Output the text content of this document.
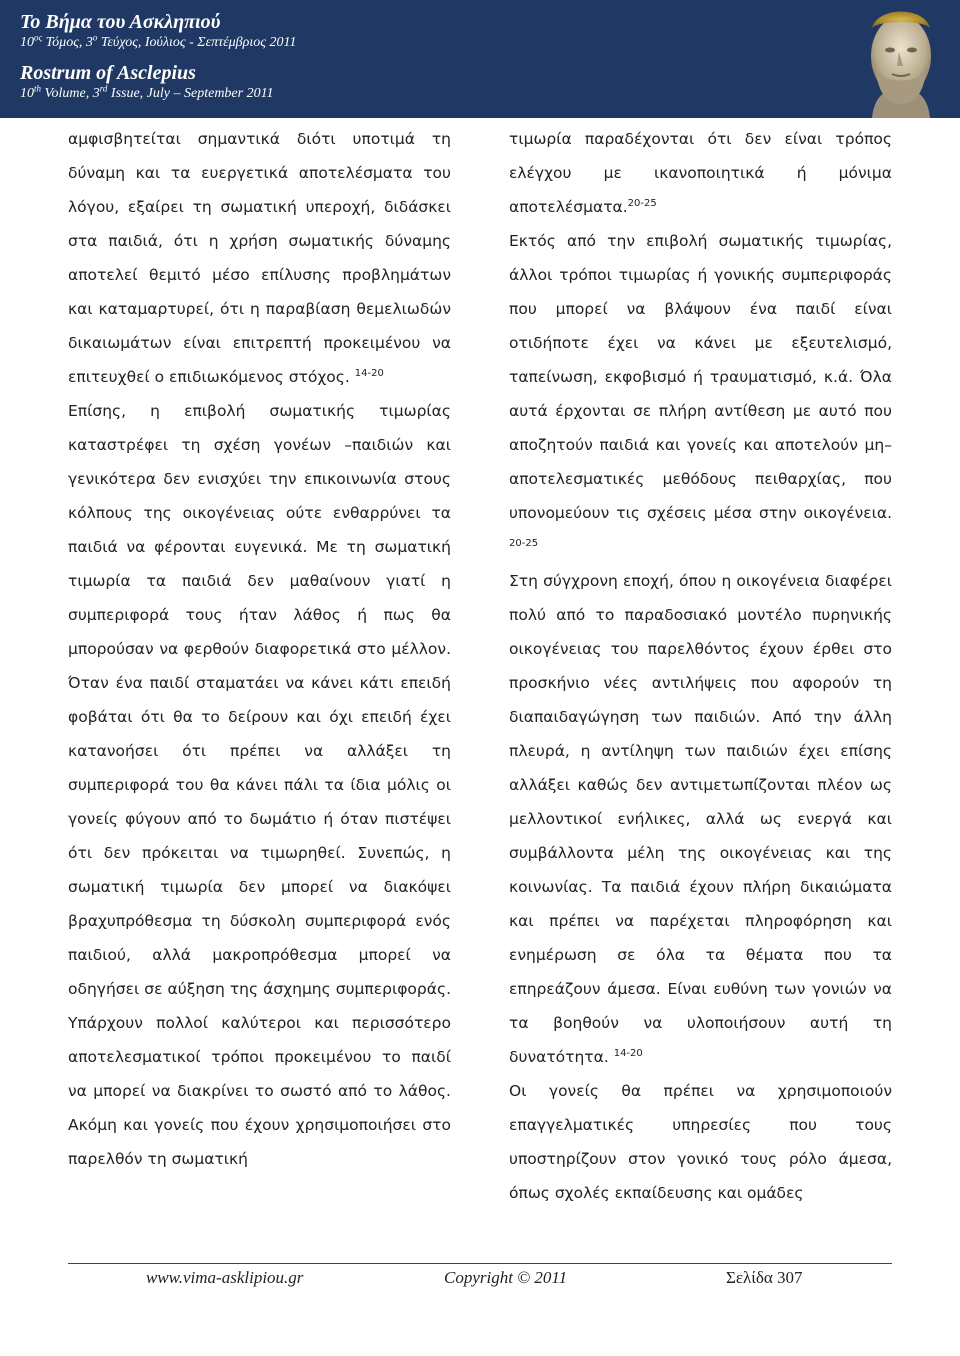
Το Βήμα του Ασκληπιού
$10^{o\varsigma}$ Τόμος, $3^o$ Τεύχος, Ιούλιος - Σεπτέμβριος 2011
Rostrum of Asclepius
10th Volume, 3rd Issue, July – September 2011

αμφισβητείται σημαντικά διότι υποτιμά τη δύναμη και τα ευεργετικά αποτελέσματα του λόγου, εξαίρει τη σωματική υπεροχή, διδάσκει στα παιδιά, ότι η χρήση σωματικής δύναμης αποτελεί θεμιτό μέσο επίλυσης προβλημάτων και καταμαρτυρεί, ότι η παραβίαση θεμελιωδών δικαιωμάτων είναι επιτρεπτή προκειμένου να επιτευχθεί ο επιδιωκόμενος στόχος. $^{14-20}$

Επίσης, η επιβολή σωματικής τιμωρίας καταστρέφει τη σχέση γονέων –παιδιών και γενικότερα δεν ενισχύει την επικοινωνία στους κόλπους της οικογένειας ούτε ενθαρρύνει τα παιδιά να φέρονται ευγενικά. Με τη σωματική τιμωρία τα παιδιά δεν μαθαίνουν γιατί η συμπεριφορά τους ήταν λάθος ή πως θα μπορούσαν να φερθούν διαφορετικά στο μέλλον. Όταν ένα παιδί σταματάει να κάνει κάτι επειδή φοβάται ότι θα το δείρουν και όχι επειδή έχει κατανοήσει ότι πρέπει να αλλάξει τη συμπεριφορά του θα κάνει πάλι τα ίδια μόλις οι γονείς φύγουν από το δωμάτιο ή όταν πιστέψει ότι δεν πρόκειται να τιμωρηθεί. Συνεπώς, η σωματική τιμωρία δεν μπορεί να διακόψει βραχυπρόθεσμα τη δύσκολη συμπεριφορά ενός παιδιού, αλλά μακροπρόθεσμα μπορεί να οδηγήσει σε αύξηση της άσχημης συμπεριφοράς. Υπάρχουν πολλοί καλύτεροι και περισσότερο αποτελεσματικοί τρόποι προκειμένου το παιδί να μπορεί να διακρίνει το σωστό από το λάθος. Ακόμη και γονείς που έχουν χρησιμοποιήσει στο παρελθόν τη σωματική

τιμωρία παραδέχονται ότι δεν είναι τρόπος ελέγχου με ικανοποιητικά ή μόνιμα αποτελέσματα.$^{20-25}$

Εκτός από την επιβολή σωματικής τιμωρίας, άλλοι τρόποι τιμωρίας ή γονικής συμπεριφοράς που μπορεί να βλάψουν ένα παιδί είναι οτιδήποτε έχει να κάνει με εξευτελισμό, ταπείνωση, εκφοβισμό ή τραυματισμό, κ.ά. Όλα αυτά έρχονται σε πλήρη αντίθεση με αυτό που αποζητούν παιδιά και γονείς και αποτελούν μη–αποτελεσματικές μεθόδους πειθαρχίας, που υπονομεύουν τις σχέσεις μέσα στην οικογένεια. $^{20-25}$

Στη σύγχρονη εποχή, όπου η οικογένεια διαφέρει πολύ από το παραδοσιακό μοντέλο πυρηνικής οικογένειας του παρελθόντος έχουν έρθει στο προσκήνιο νέες αντιλήψεις που αφορούν τη διαπαιδαγώγηση των παιδιών. Από την άλλη πλευρά, η αντίληψη των παιδιών έχει επίσης αλλάξει καθώς δεν αντιμετωπίζονται πλέον ως μελλοντικοί ενήλικες, αλλά ως ενεργά και συμβάλλοντα μέλη της οικογένειας και της κοινωνίας. Τα παιδιά έχουν πλήρη δικαιώματα και πρέπει να παρέχεται πληροφόρηση και ενημέρωση σε όλα τα θέματα που τα επηρεάζουν άμεσα. Είναι ευθύνη των γονιών να τα βοηθούν να υλοποιήσουν αυτή τη δυνατότητα. $^{14-20}$

Οι γονείς θα πρέπει να χρησιμοποιούν επαγγελματικές υπηρεσίες που τους υποστηρίζουν στον γονικό τους ρόλο άμεσα, όπως σχολές εκπαίδευσης και ομάδες

www.vima-asklipiou.gr	Copyright © 2011	Σελίδα 307
